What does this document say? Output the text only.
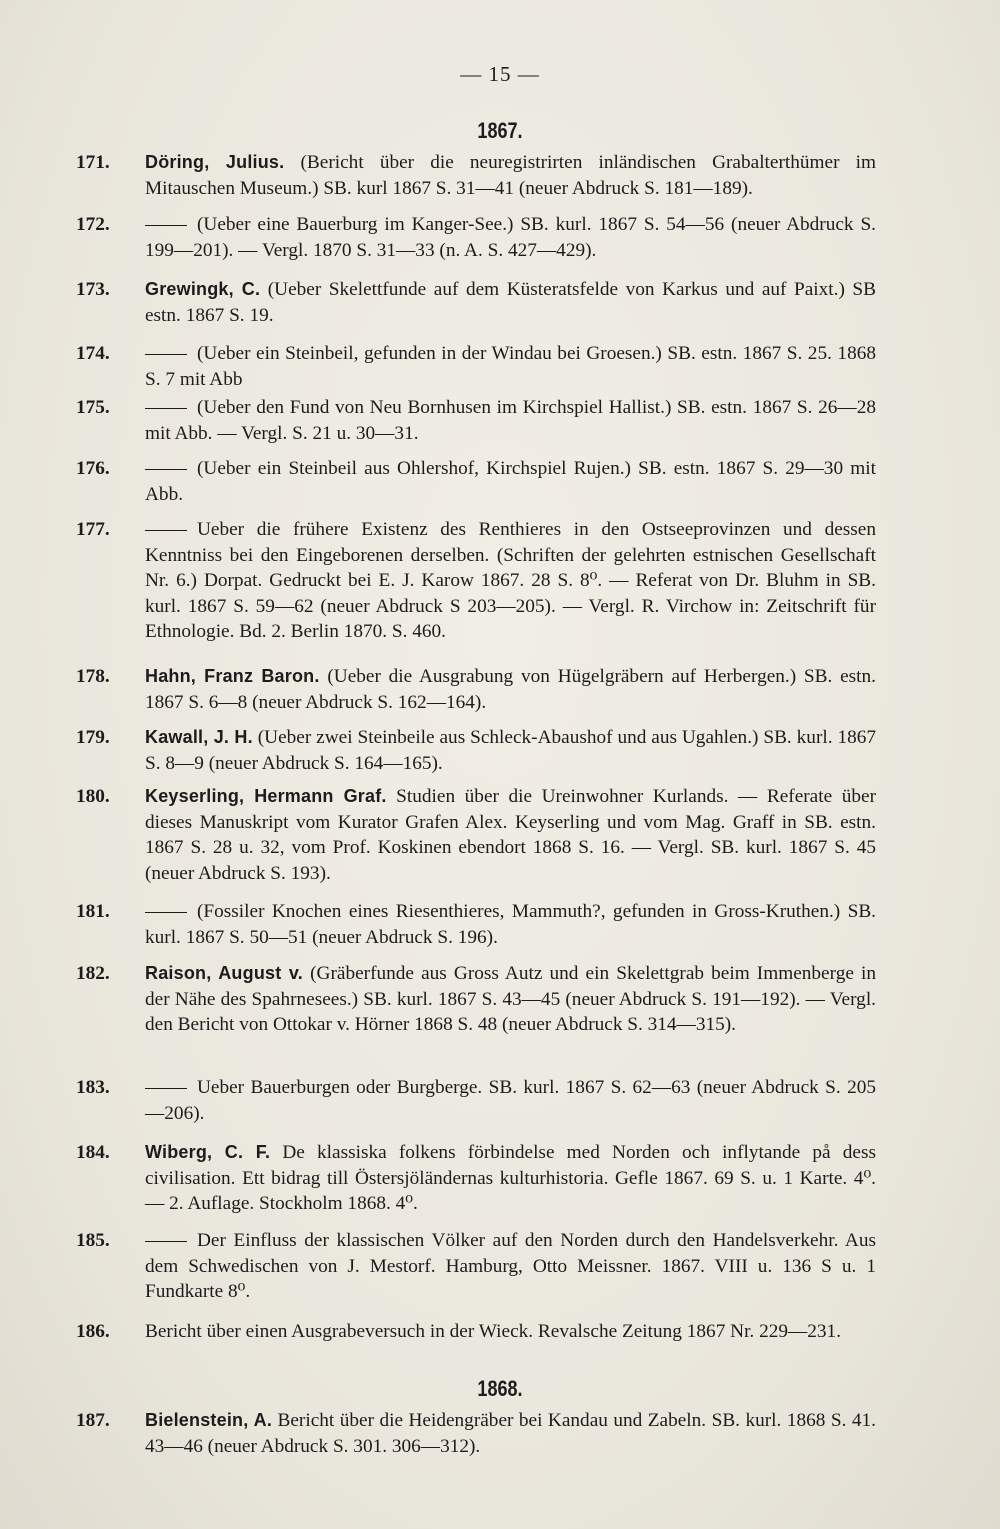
— 15 —
1867.
171.	Döring, Julius. (Bericht über die neuregistrirten inländischen Grabalterthümer im Mitauschen Museum.) SB. kurl 1867 S. 31—41 (neuer Abdruck S. 181—189).
172.	(Ueber eine Bauerburg im Kanger-See.) SB. kurl. 1867 S. 54—56 (neuer Abdruck S. 199—201). — Vergl. 1870 S. 31—33 (n. A. S. 427—429).
173.	Grewingk, C. (Ueber Skelettfunde auf dem Küsteratsfelde von Karkus und auf Paixt.) SB estn. 1867 S. 19.
174.	(Ueber ein Steinbeil, gefunden in der Windau bei Groesen.) SB. estn. 1867 S. 25. 1868 S. 7 mit Abb
175.	(Ueber den Fund von Neu Bornhusen im Kirchspiel Hallist.) SB. estn. 1867 S. 26—28 mit Abb. — Vergl. S. 21 u. 30—31.
176.	(Ueber ein Steinbeil aus Ohlershof, Kirchspiel Rujen.) SB. estn. 1867 S. 29—30 mit Abb.
177.	Ueber die frühere Existenz des Renthieres in den Ostseeprovinzen und dessen Kenntniss bei den Eingeborenen derselben. (Schriften der gelehrten estnischen Gesellschaft Nr. 6.) Dorpat. Gedruckt bei E. J. Karow 1867. 28 S. 8⁰. — Referat von Dr. Bluhm in SB. kurl. 1867 S. 59—62 (neuer Abdruck S 203—205). — Vergl. R. Virchow in: Zeitschrift für Ethnologie. Bd. 2. Berlin 1870. S. 460.
178.	Hahn, Franz Baron. (Ueber die Ausgrabung von Hügelgräbern auf Herbergen.) SB. estn. 1867 S. 6—8 (neuer Abdruck S. 162—164).
179.	Kawall, J. H. (Ueber zwei Steinbeile aus Schleck-Abaushof und aus Ugahlen.) SB. kurl. 1867 S. 8—9 (neuer Abdruck S. 164—165).
180.	Keyserling, Hermann Graf. Studien über die Ureinwohner Kurlands. — Referate über dieses Manuskript vom Kurator Grafen Alex. Keyserling und vom Mag. Graff in SB. estn. 1867 S. 28 u. 32, vom Prof. Koskinen ebendort 1868 S. 16. — Vergl. SB. kurl. 1867 S. 45 (neuer Abdruck S. 193).
181.	(Fossiler Knochen eines Riesenthieres, Mammuth?, gefunden in Gross-Kruthen.) SB. kurl. 1867 S. 50—51 (neuer Abdruck S. 196).
182.	Raison, August v. (Gräberfunde aus Gross Autz und ein Skelettgrab beim Immenberge in der Nähe des Spahrnesees.) SB. kurl. 1867 S. 43—45 (neuer Abdruck S. 191—192). — Vergl. den Bericht von Ottokar v. Hörner 1868 S. 48 (neuer Abdruck S. 314—315).
183.	Ueber Bauerburgen oder Burgberge. SB. kurl. 1867 S. 62—63 (neuer Abdruck S. 205—206).
184.	Wiberg, C. F. De klassiska folkens förbindelse med Norden och inflytande på dess civilisation. Ett bidrag till Östersjöländernas kulturhistoria. Gefle 1867. 69 S. u. 1 Karte. 4⁰. — 2. Auflage. Stockholm 1868. 4⁰.
185.	Der Einfluss der klassischen Völker auf den Norden durch den Handelsverkehr. Aus dem Schwedischen von J. Mestorf. Hamburg, Otto Meissner. 1867. VIII u. 136 S u. 1 Fundkarte 8⁰.
186.	Bericht über einen Ausgrabeversuch in der Wieck. Revalsche Zeitung 1867 Nr. 229—231.
1868.
187.	Bielenstein, A. Bericht über die Heidengräber bei Kandau und Zabeln. SB. kurl. 1868 S. 41. 43—46 (neuer Abdruck S. 301. 306—312).
